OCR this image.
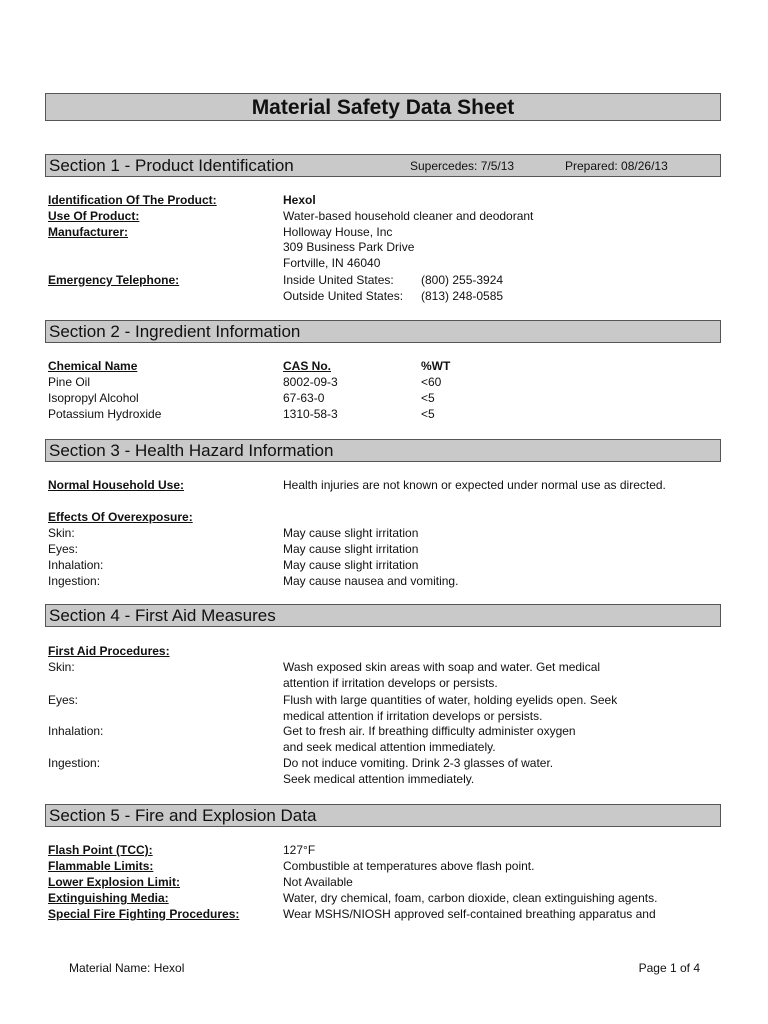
Material Safety Data Sheet
Section 1 - Product Identification	Supercedes: 7/5/13	Prepared: 08/26/13
Identification Of The Product:	Hexol
Use Of Product:	Water-based household cleaner and deodorant
Manufacturer:	Holloway House, Inc
309 Business Park Drive
Fortville, IN 46040
Emergency Telephone:	Inside United States: (800) 255-3924
Outside United States: (813) 248-0585
Section 2 - Ingredient Information
Chemical Name	CAS No.	%WT
Pine Oil	8002-09-3	<60
Isopropyl Alcohol	67-63-0	<5
Potassium Hydroxide	1310-58-3	<5
Section 3 - Health Hazard Information
Normal Household Use:	Health injuries are not known or expected under normal use as directed.
Effects Of Overexposure:
Skin:	May cause slight irritation
Eyes:	May cause slight irritation
Inhalation:	May cause slight irritation
Ingestion:	May cause nausea and vomiting.
Section 4 - First Aid Measures
First Aid Procedures:
Skin:	Wash exposed skin areas with soap and water. Get medical
attention if irritation develops or persists.
Eyes:	Flush with large quantities of water, holding eyelids open. Seek
medical attention if irritation develops or persists.
Inhalation:	Get to fresh air. If breathing difficulty administer oxygen
and seek medical attention immediately.
Ingestion:	Do not induce vomiting. Drink 2-3 glasses of water.
Seek medical attention immediately.
Section 5 - Fire and Explosion Data
Flash Point (TCC):	127°F
Flammable Limits:	Combustible at temperatures above flash point.
Lower Explosion Limit:	Not Available
Extinguishing Media:	Water, dry chemical, foam, carbon dioxide, clean extinguishing agents.
Special Fire Fighting Procedures:	Wear MSHS/NIOSH approved self-contained breathing apparatus and
Material Name: Hexol	Page 1 of 4
